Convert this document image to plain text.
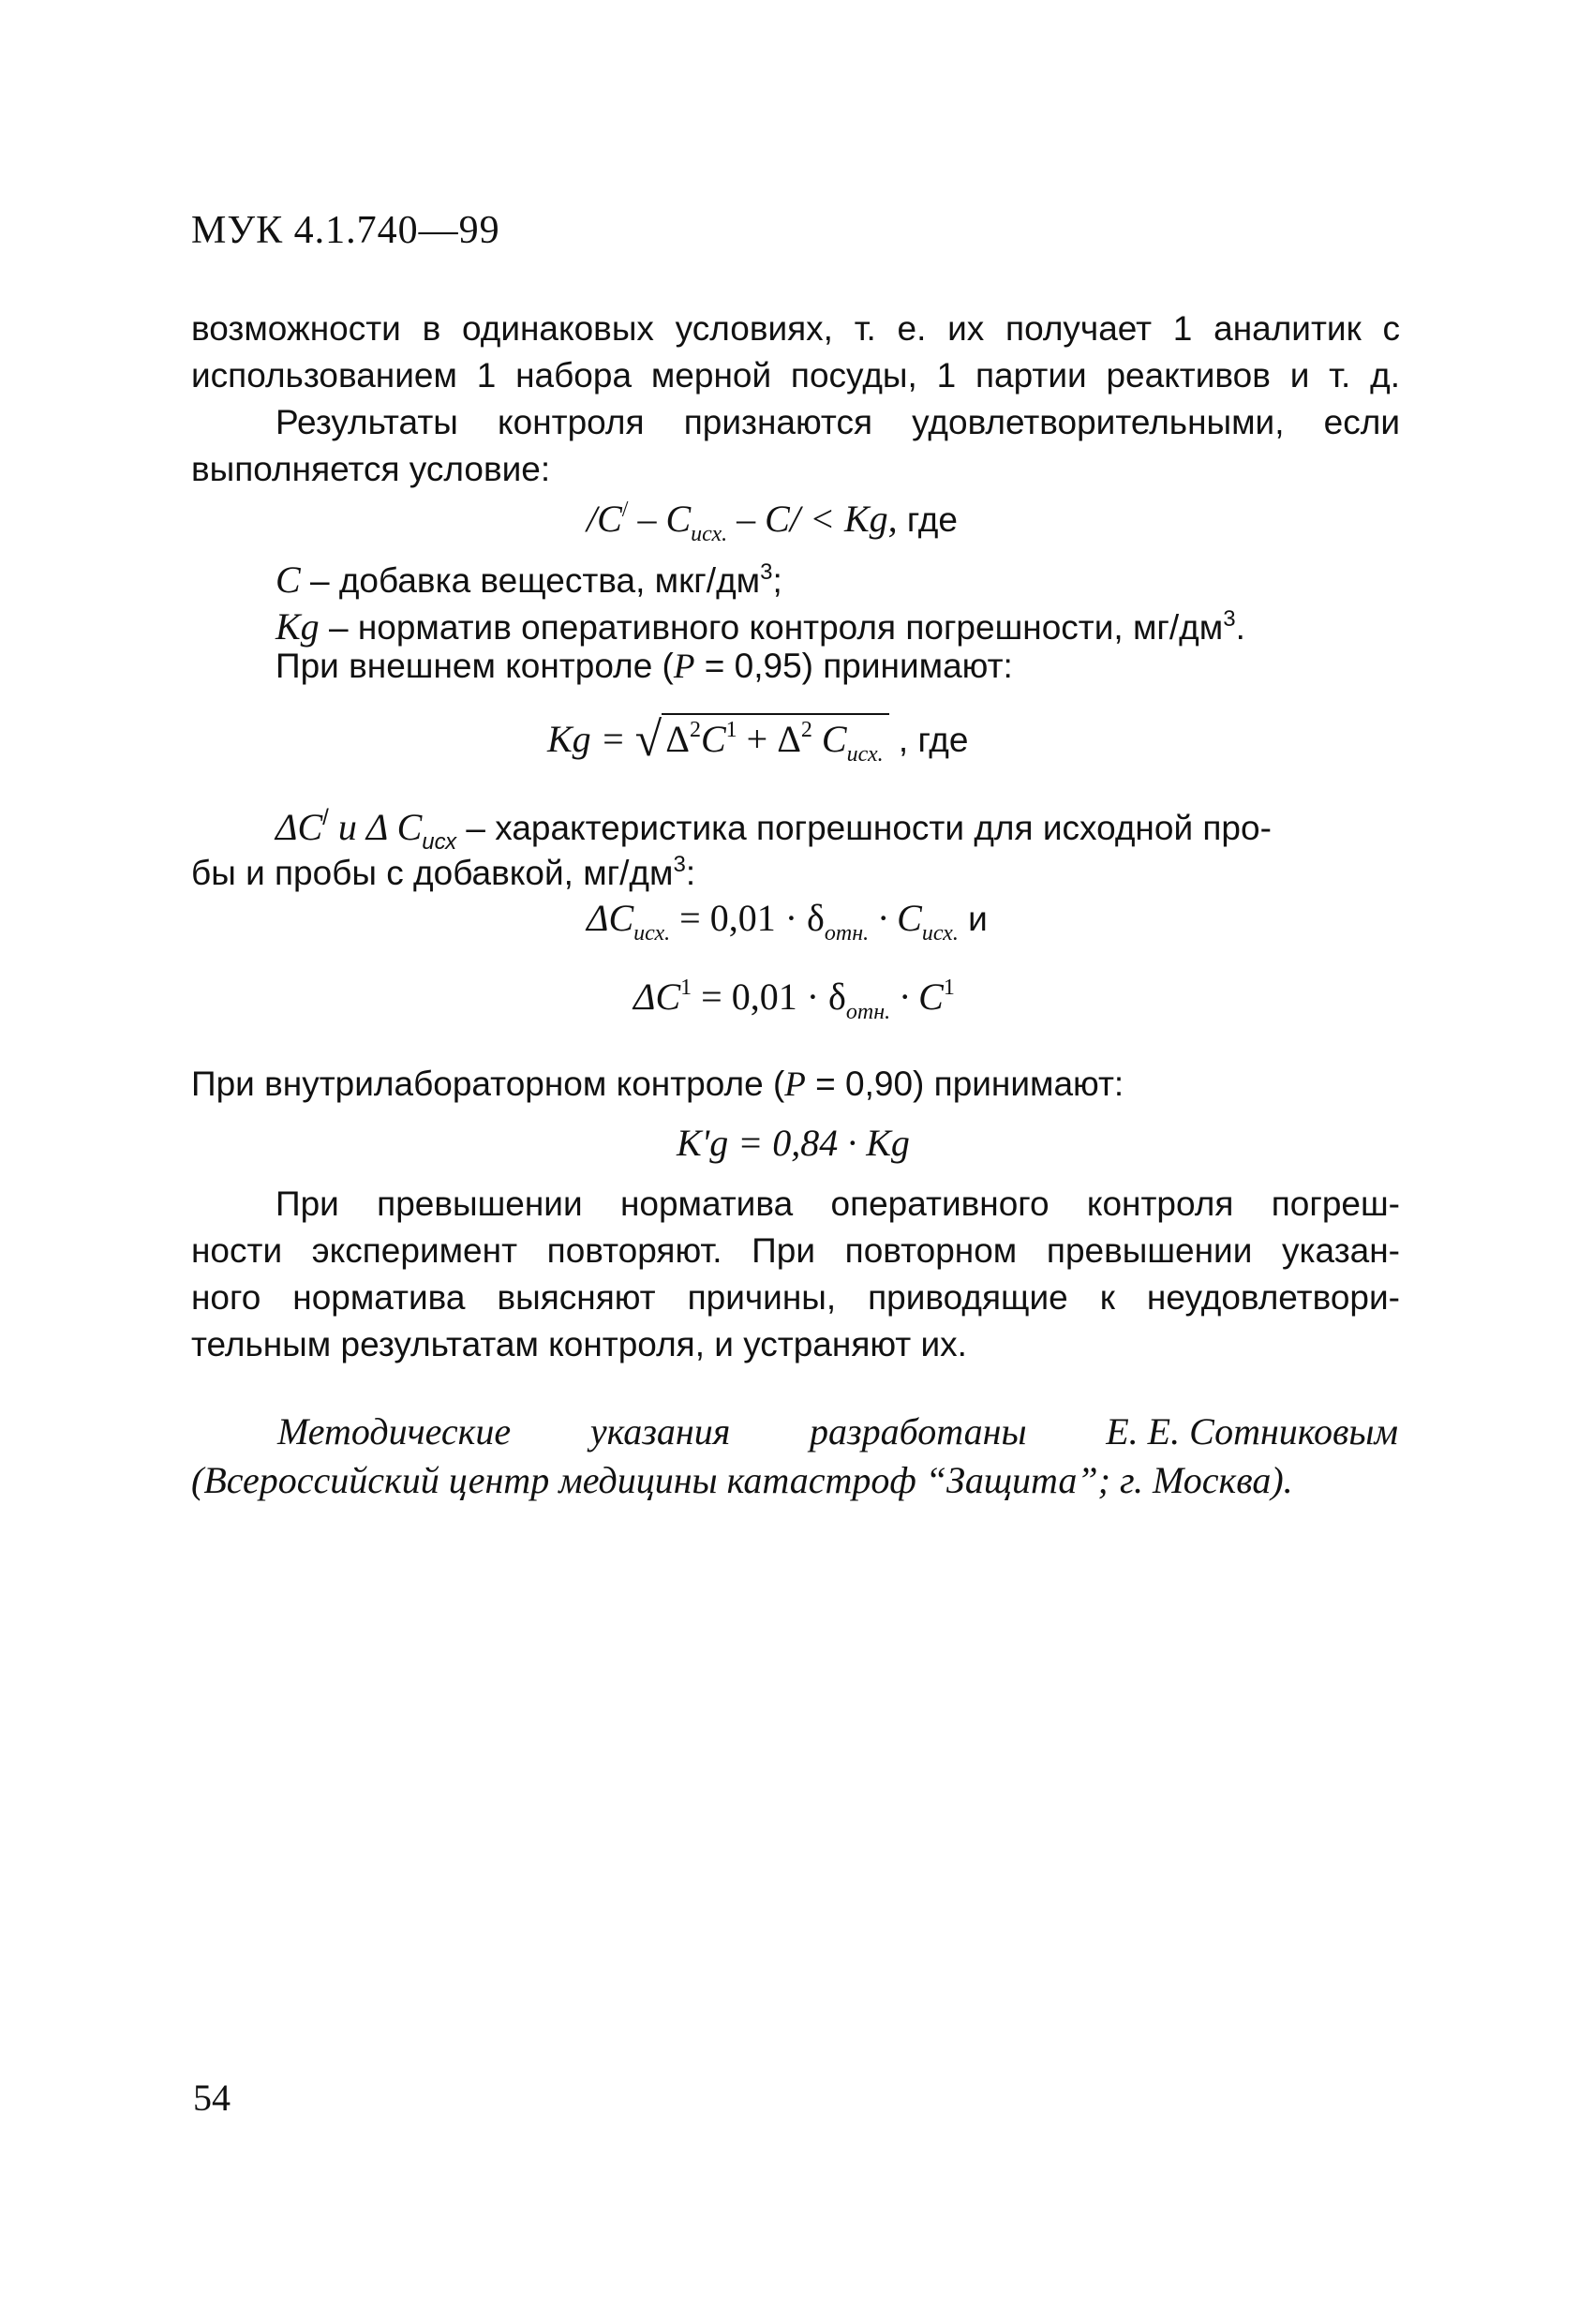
МУК 4.1.740—99
возможности в одинаковых условиях, т. е. их получает 1 аналитик с
использованием 1 набора мерной посуды, 1 партии реактивов и т. д.
Результаты контроля признаются удовлетворительными, если
выполняется условие:
$/C^/ - C_{исх.} - C/ < Kg$, где
C – добавка вещества, мкг/$дм^3$;
Kg – норматив оперативного контроля погрешности, $мг/дм^3$.
При внешнем контроле (P = 0,95) принимают:
Kg = √ $\Delta^2C^1 + \Delta^2$ $C_{исх.}$ , где
ΔC/ и Δ $C_{исх}$ – характеристика погрешности для исходной про-
бы и пробы с добавкой, $мг/дм^3$:
$\Delta C_{исх.} = 0,01 \cdot \delta_{отн.} \cdot C_{исх.}$ и
$\Delta C^1 = 0,01 \cdot \delta_{отн.} \cdot C^1$
При внутрилабораторном контроле (P = 0,90) принимают:
K'g = 0,84 · Kg
При превышении норматива оперативного контроля погреш-
ности эксперимент повторяют. При повторном превышении указан-
ного норматива выясняют причины, приводящие к неудовлетвори-
тельным результатам контроля, и устраняют их.
Методические указания разработаны Е. Е. Сотниковым
(Всероссийский центр медицины катастроф “Защита”; г. Москва).
54
